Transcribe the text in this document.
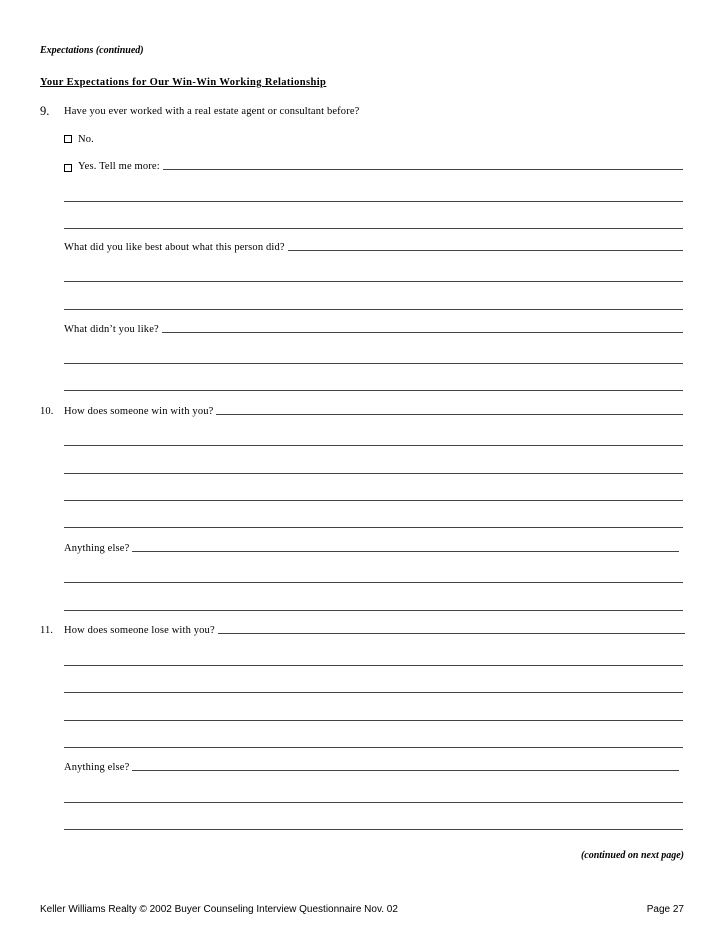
Expectations (continued)
Your Expectations for Our Win-Win Working Relationship
9. Have you ever worked with a real estate agent or consultant before?
No.
Yes. Tell me more:
What did you like best about what this person did?
What didn’t you like?
10. How does someone win with you?
Anything else?
11.	How does someone lose with you?
Anything else?
(continued on next page)
Keller Williams Realty © 2002 Buyer Counseling Interview Questionnaire Nov. 02	Page 27
